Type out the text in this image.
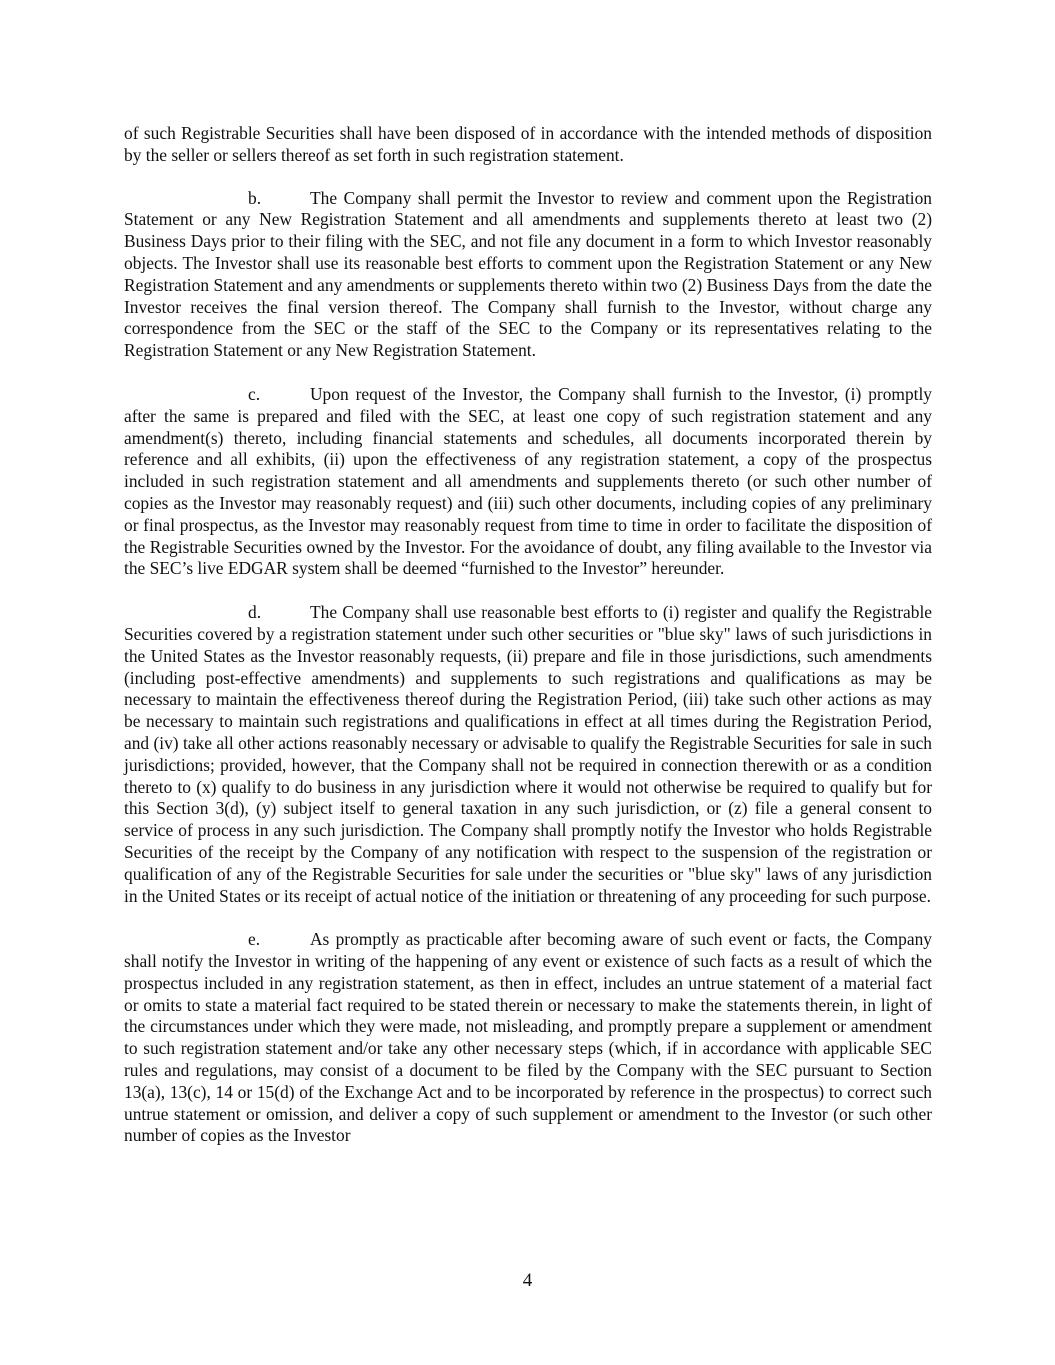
of such Registrable Securities shall have been disposed of in accordance with the intended methods of disposition by the seller or sellers thereof as set forth in such registration statement.

b.	The Company shall permit the Investor to review and comment upon the Registration Statement or any New Registration Statement and all amendments and supplements thereto at least two (2) Business Days prior to their filing with the SEC, and not file any document in a form to which Investor reasonably objects. The Investor shall use its reasonable best efforts to comment upon the Registration Statement or any New Registration Statement and any amendments or supplements thereto within two (2) Business Days from the date the Investor receives the final version thereof. The Company shall furnish to the Investor, without charge any correspondence from the SEC or the staff of the SEC to the Company or its representatives relating to the Registration Statement or any New Registration Statement.

c.	Upon request of the Investor, the Company shall furnish to the Investor, (i) promptly after the same is prepared and filed with the SEC, at least one copy of such registration statement and any amendment(s) thereto, including financial statements and schedules, all documents incorporated therein by reference and all exhibits, (ii) upon the effectiveness of any registration statement, a copy of the prospectus included in such registration statement and all amendments and supplements thereto (or such other number of copies as the Investor may reasonably request) and (iii) such other documents, including copies of any preliminary or final prospectus, as the Investor may reasonably request from time to time in order to facilitate the disposition of the Registrable Securities owned by the Investor. For the avoidance of doubt, any filing available to the Investor via the SEC’s live EDGAR system shall be deemed “furnished to the Investor” hereunder.

d.	The Company shall use reasonable best efforts to (i) register and qualify the Registrable Securities covered by a registration statement under such other securities or "blue sky" laws of such jurisdictions in the United States as the Investor reasonably requests, (ii) prepare and file in those jurisdictions, such amendments (including post-effective amendments) and supplements to such registrations and qualifications as may be necessary to maintain the effectiveness thereof during the Registration Period, (iii) take such other actions as may be necessary to maintain such registrations and qualifications in effect at all times during the Registration Period, and (iv) take all other actions reasonably necessary or advisable to qualify the Registrable Securities for sale in such jurisdictions; provided, however, that the Company shall not be required in connection therewith or as a condition thereto to (x) qualify to do business in any jurisdiction where it would not otherwise be required to qualify but for this Section 3(d), (y) subject itself to general taxation in any such jurisdiction, or (z) file a general consent to service of process in any such jurisdiction. The Company shall promptly notify the Investor who holds Registrable Securities of the receipt by the Company of any notification with respect to the suspension of the registration or qualification of any of the Registrable Securities for sale under the securities or "blue sky" laws of any jurisdiction in the United States or its receipt of actual notice of the initiation or threatening of any proceeding for such purpose.

e.	As promptly as practicable after becoming aware of such event or facts, the Company shall notify the Investor in writing of the happening of any event or existence of such facts as a result of which the prospectus included in any registration statement, as then in effect, includes an untrue statement of a material fact or omits to state a material fact required to be stated therein or necessary to make the statements therein, in light of the circumstances under which they were made, not misleading, and promptly prepare a supplement or amendment to such registration statement and/or take any other necessary steps (which, if in accordance with applicable SEC rules and regulations, may consist of a document to be filed by the Company with the SEC pursuant to Section 13(a), 13(c), 14 or 15(d) of the Exchange Act and to be incorporated by reference in the prospectus) to correct such untrue statement or omission, and deliver a copy of such supplement or amendment to the Investor (or such other number of copies as the Investor

4
